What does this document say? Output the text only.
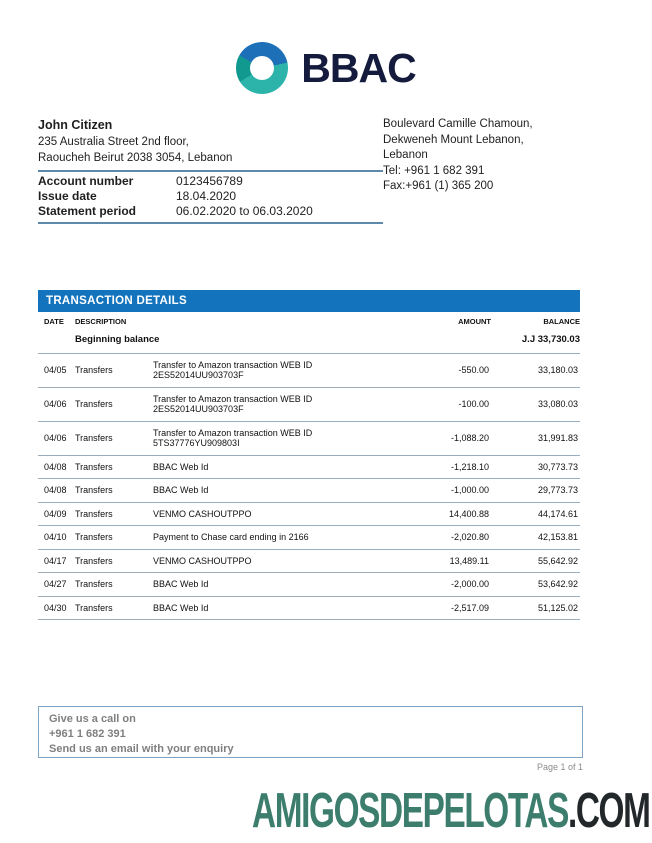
BBAC
John Citizen
235 Australia Street 2nd floor,
Raoucheh Beirut 2038 3054, Lebanon
Account number	0123456789
Issue date	18.04.2020
Statement period	06.02.2020 to 06.03.2020
Boulevard Camille Chamoun,
Dekweneh Mount Lebanon,
Lebanon
Tel: +961 1 682 391
Fax:+961 (1) 365 200
TRANSACTION DETAILS
DATE	DESCRIPTION		AMOUNT	BALANCE
	Beginning balance			J.J 33,730.03
04/05	Transfers	Transfer to Amazon transaction WEB ID 2ES52014UU903703F	-550.00	33,180.03
04/06	Transfers	Transfer to Amazon transaction WEB ID 2ES52014UU903703F	-100.00	33,080.03
04/06	Transfers	Transfer to Amazon transaction WEB ID 5TS37776YU909803I	-1,088.20	31,991.83
04/08	Transfers	BBAC Web Id	-1,218.10	30,773.73
04/08	Transfers	BBAC Web Id	-1,000.00	29,773.73
04/09	Transfers	VENMO CASHOUTPPO	14,400.88	44,174.61
04/10	Transfers	Payment to Chase card ending in 2166	-2,020.80	42,153.81
04/17	Transfers	VENMO CASHOUTPPO	13,489.11	55,642.92
04/27	Transfers	BBAC Web Id	-2,000.00	53,642.92
04/30	Transfers	BBAC Web Id	-2,517.09	51,125.02
Give us a call on
+961 1 682 391
Send us an email with your enquiry
Page 1 of 1
AMIGOSDEPELOTAS.COM
